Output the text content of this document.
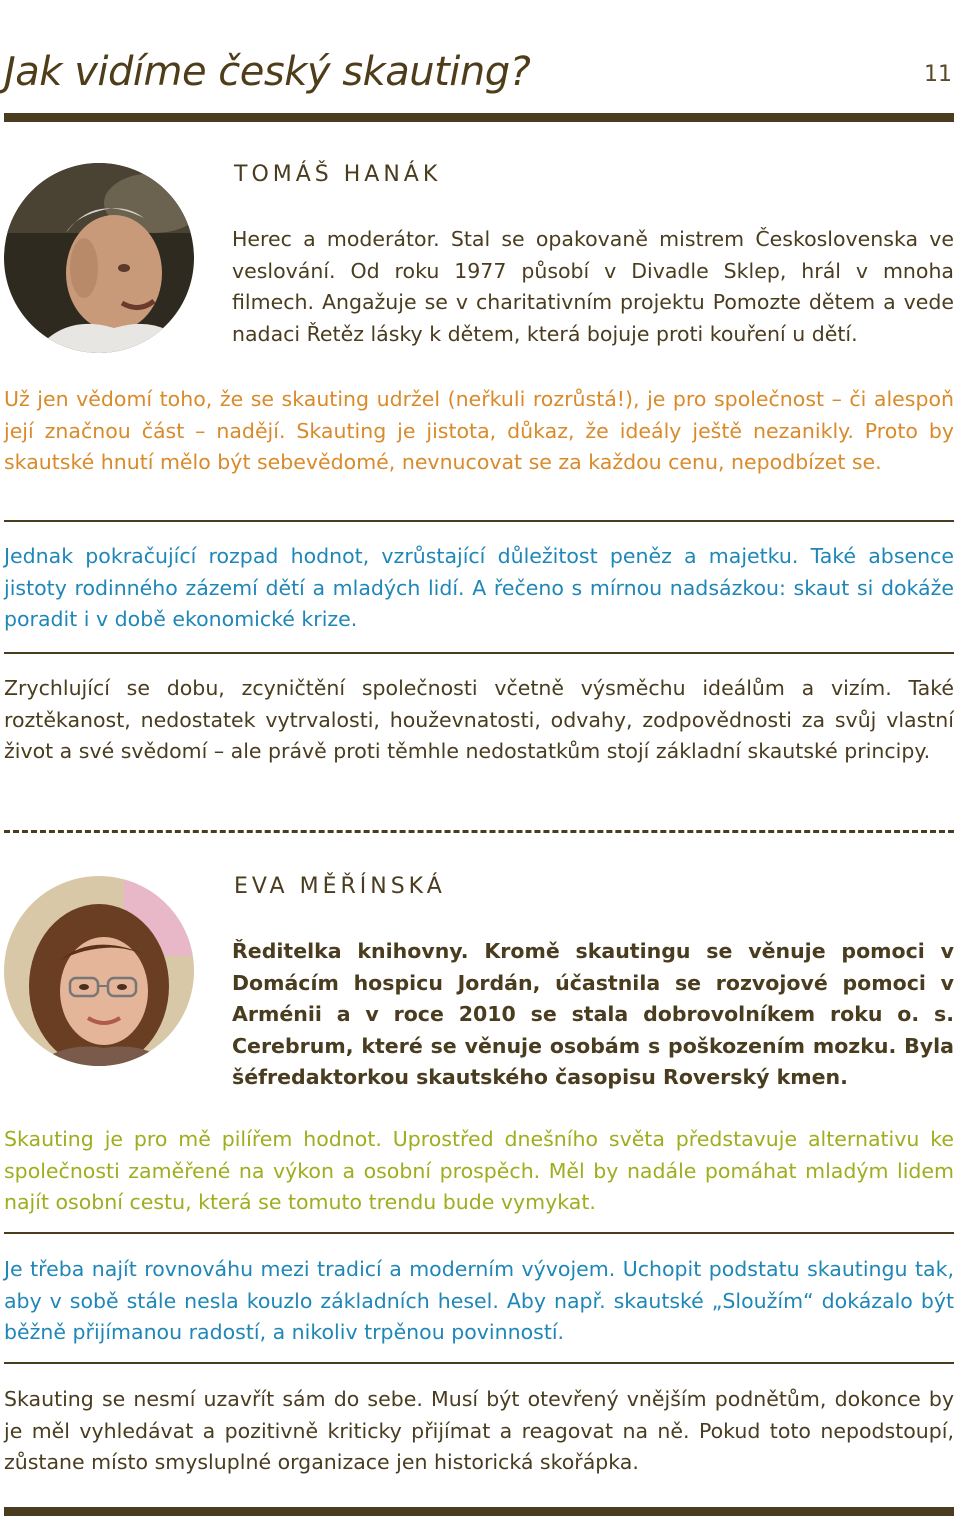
Jak vidíme český skauting?	11
TOMÁŠ HANÁK
Herec a moderátor. Stal se opakovaně mistrem Československa ve veslování. Od roku 1977 působí v Divadle Sklep, hrál v mnoha filmech. Angažuje se v charitativním projektu Pomozte dětem a vede nadaci Řetěz lásky k dětem, která bojuje proti kouření u dětí.
Už jen vědomí toho, že se skauting udržel (neřkuli rozrůstá!), je pro společnost – či alespoň její značnou část – nadějí. Skauting je jistota, důkaz, že ideály ještě nezanikly. Proto by skautské hnutí mělo být sebevědomé, nevnucovat se za každou cenu, nepodbízet se.
Jednak pokračující rozpad hodnot, vzrůstající důležitost peněz a majetku. Také absence jistoty rodinného zázemí dětí a mladých lidí. A řečeno s mírnou nadsázkou: skaut si dokáže poradit i v době ekonomické krize.
Zrychlující se dobu, zcyničtění společnosti včetně výsměchu ideálům a vizím. Také roztěkanost, nedostatek vytrvalosti, houževnatosti, odvahy, zodpovědnosti za svůj vlastní život a své svědomí – ale právě proti těmhle nedostatkům stojí základní skautské principy.
EVA MĚŘÍNSKÁ
Ředitelka knihovny. Kromě skautingu se věnuje pomoci v Domácím hospicu Jordán, účastnila se rozvojové pomoci v Arménii a v roce 2010 se stala dobrovolníkem roku o. s. Cerebrum, které se věnuje osobám s poškozením mozku. Byla šéfredaktorkou skautského časopisu Roverský kmen.
Skauting je pro mě pilířem hodnot. Uprostřed dnešního světa představuje alternativu ke společnosti zaměřené na výkon a osobní prospěch. Měl by nadále pomáhat mladým lidem najít osobní cestu, která se tomuto trendu bude vymykat.
Je třeba najít rovnováhu mezi tradicí a moderním vývojem. Uchopit podstatu skautingu tak, aby v sobě stále nesla kouzlo základních hesel. Aby např. skautské „Sloužím“ dokázalo být běžně přijímanou radostí, a nikoliv trpěnou povinností.
Skauting se nesmí uzavřít sám do sebe. Musí být otevřený vnějším podnětům, dokonce by je měl vyhledávat a pozitivně kriticky přijímat a reagovat na ně. Pokud toto nepodstoupí, zůstane místo smysluplné organizace jen historická skořápka.
